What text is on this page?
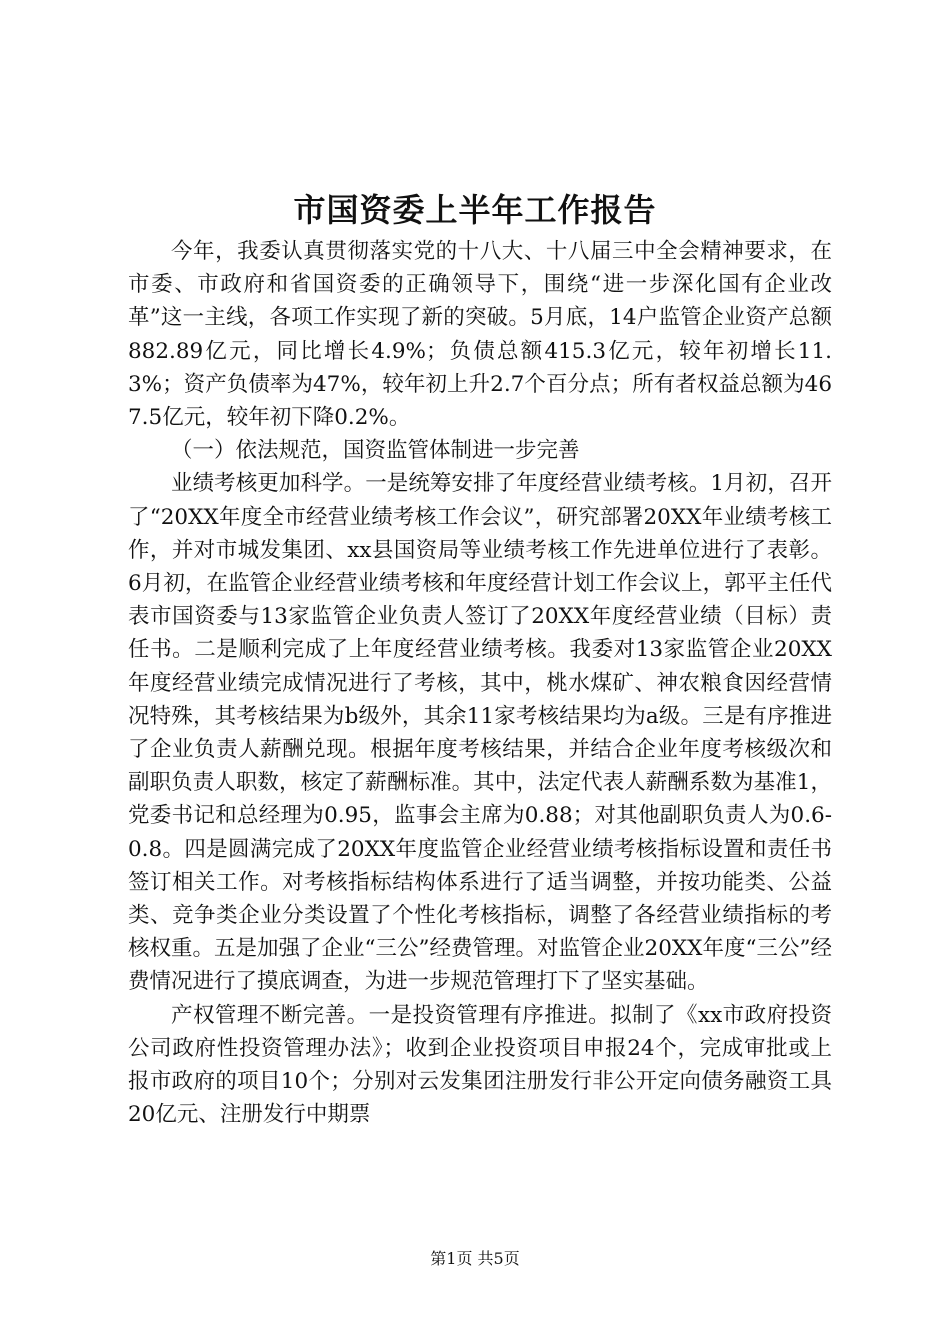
市国资委上半年工作报告

今年，我委认真贯彻落实党的十八大、十八届三中全会精神要求，在市委、市政府和省国资委的正确领导下，围绕“进一步深化国有企业改革”这一主线，各项工作实现了新的突破。5月底，14户监管企业资产总额882.89亿元，同比增长4.9%；负债总额415.3亿元，较年初增长11.3%；资产负债率为47%，较年初上升2.7个百分点；所有者权益总额为467.5亿元，较年初下降0.2%。

（一）依法规范，国资监管体制进一步完善

业绩考核更加科学。一是统筹安排了年度经营业绩考核。1月初，召开了“20XX年度全市经营业绩考核工作会议”，研究部署20XX年业绩考核工作，并对市城发集团、xx县国资局等业绩考核工作先进单位进行了表彰。6月初，在监管企业经营业绩考核和年度经营计划工作会议上，郭平主任代表市国资委与13家监管企业负责人签订了20XX年度经营业绩（目标）责任书。二是顺利完成了上年度经营业绩考核。我委对13家监管企业20XX年度经营业绩完成情况进行了考核，其中，桃水煤矿、神农粮食因经营情况特殊，其考核结果为b级外，其余11家考核结果均为a级。三是有序推进了企业负责人薪酬兑现。根据年度考核结果，并结合企业年度考核级次和副职负责人职数，核定了薪酬标准。其中，法定代表人薪酬系数为基准1，党委书记和总经理为0.95，监事会主席为0.88；对其他副职负责人为0.6-0.8。四是圆满完成了20XX年度监管企业经营业绩考核指标设置和责任书签订相关工作。对考核指标结构体系进行了适当调整，并按功能类、公益类、竞争类企业分类设置了个性化考核指标，调整了各经营业绩指标的考核权重。五是加强了企业“三公”经费管理。对监管企业20XX年度“三公”经费情况进行了摸底调查，为进一步规范管理打下了坚实基础。

产权管理不断完善。一是投资管理有序推进。拟制了《xx市政府投资公司政府性投资管理办法》；收到企业投资项目申报24个，完成审批或上报市政府的项目10个；分别对云发集团注册发行非公开定向债务融资工具20亿元、注册发行中期票

第1页 共5页
